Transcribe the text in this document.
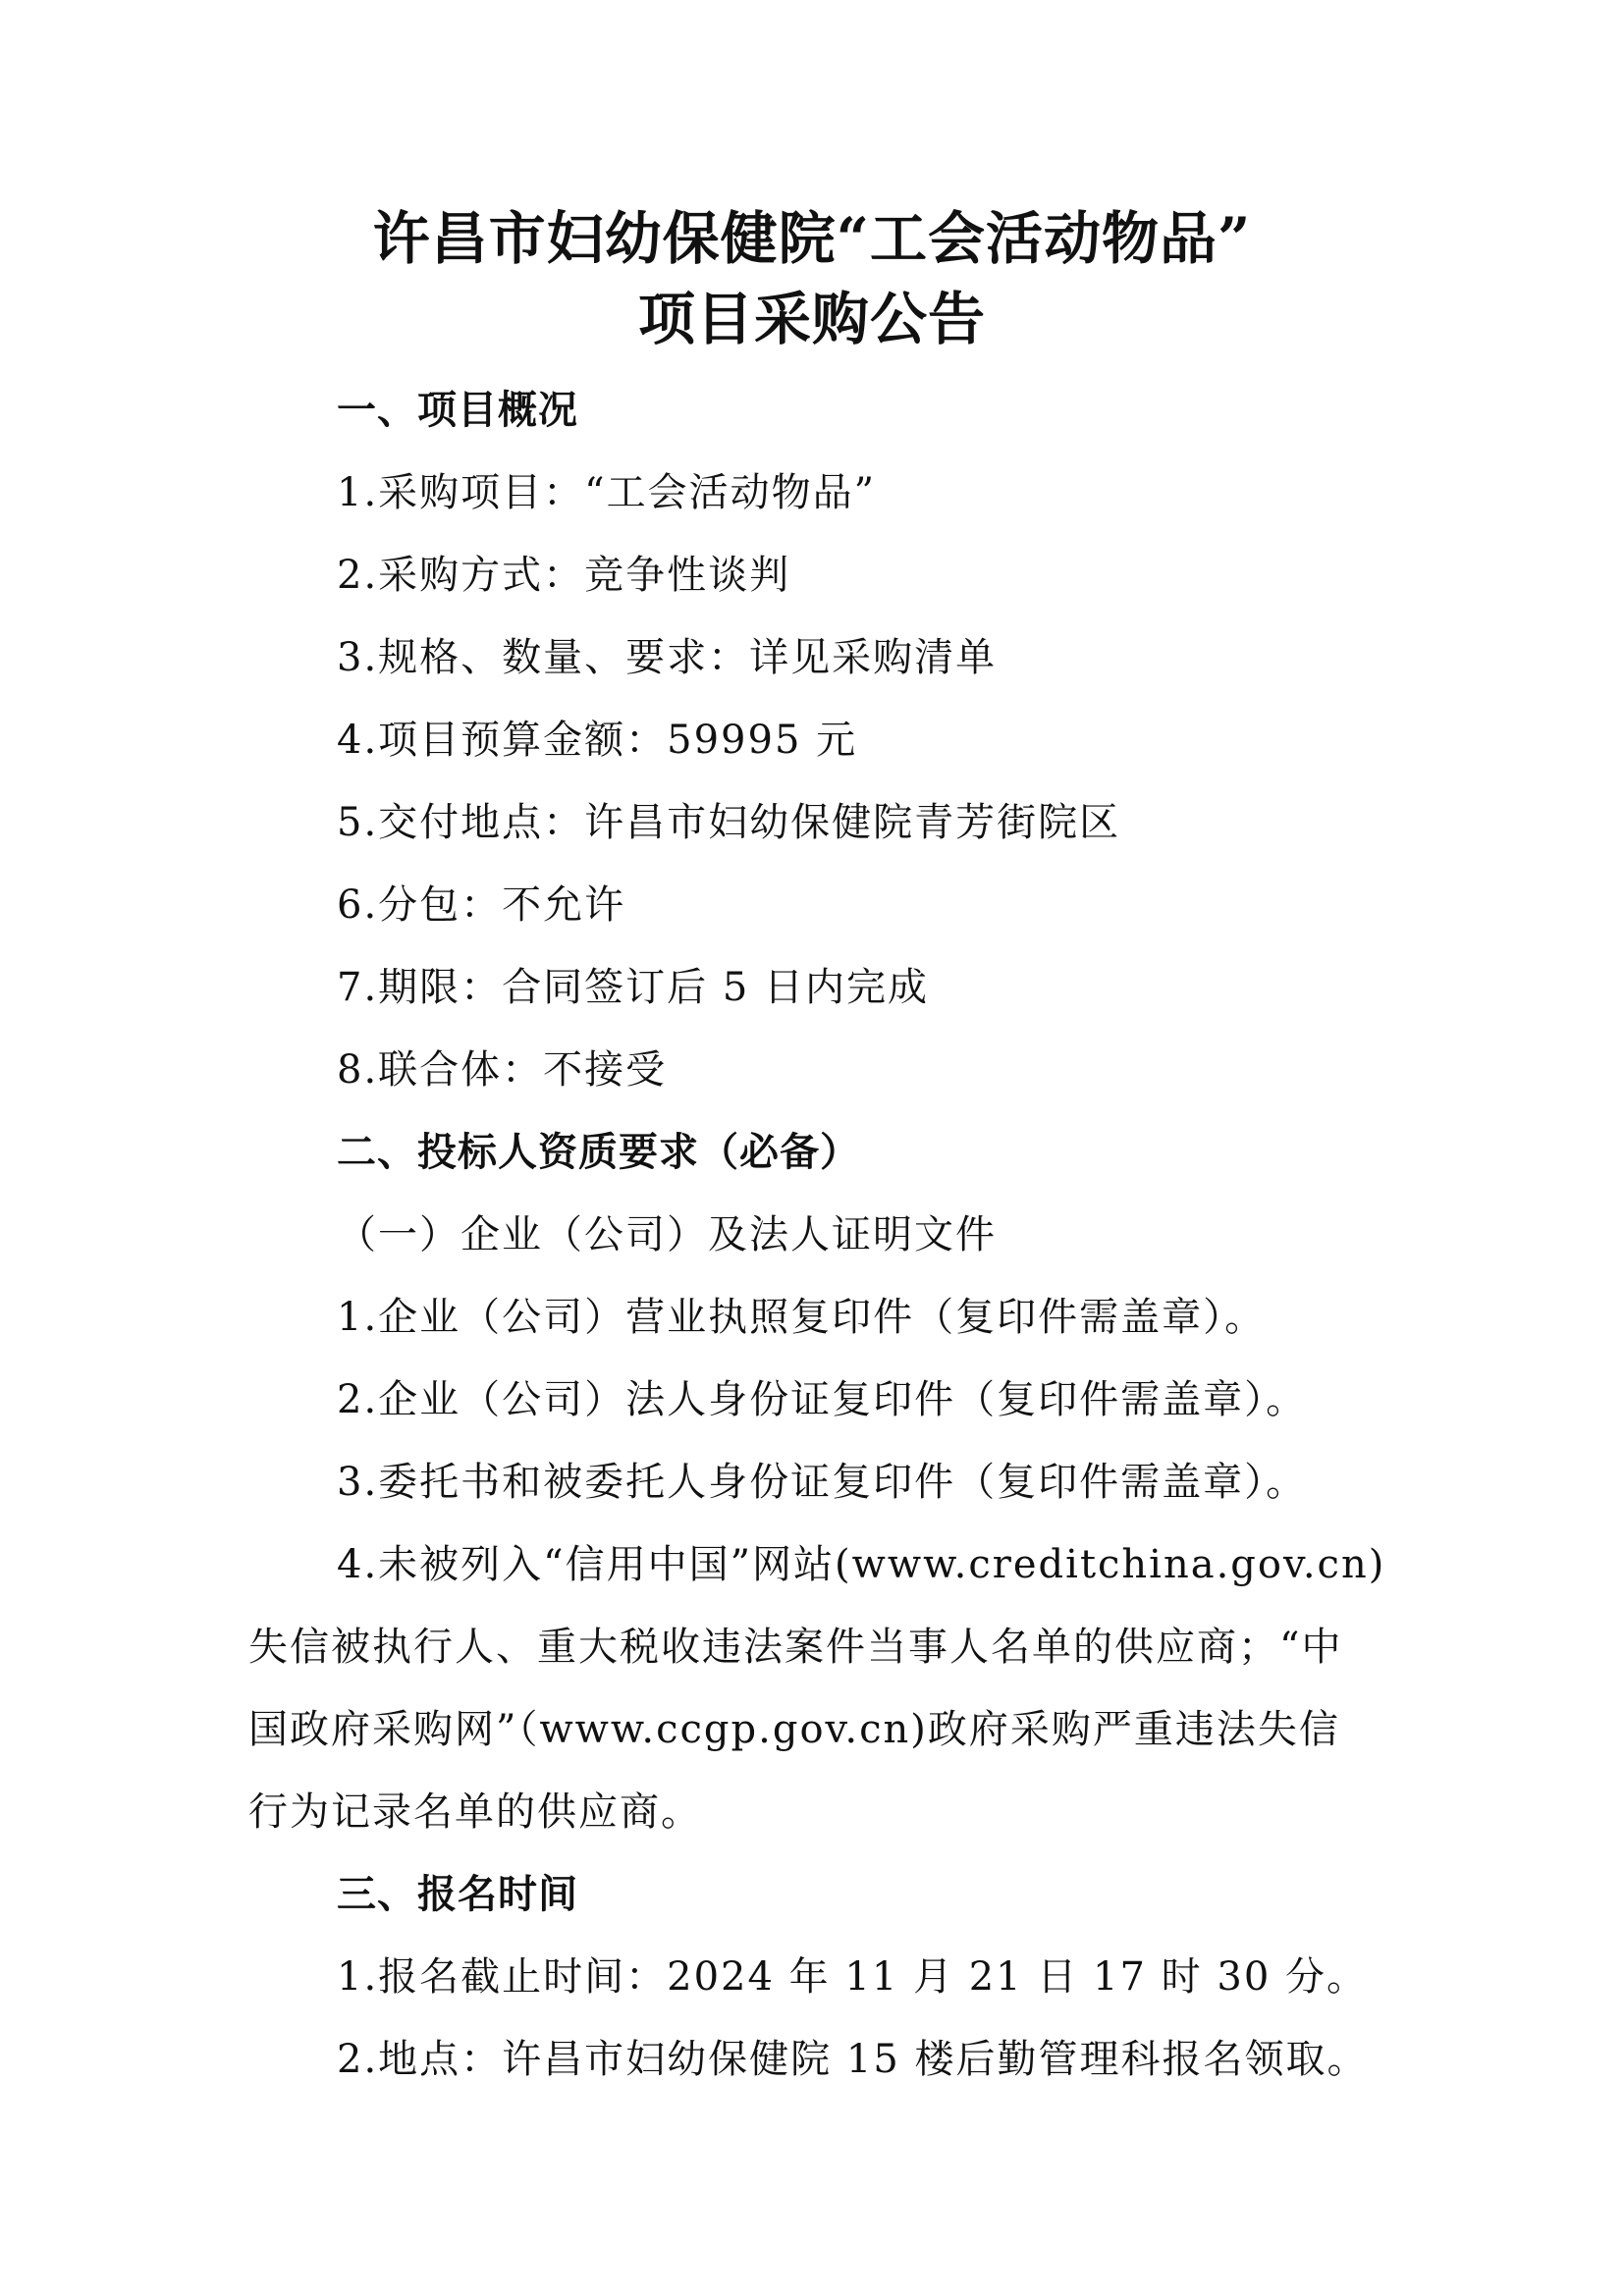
许昌市妇幼保健院“工会活动物品”
项目采购公告
一、项目概况
1.采购项目：“工会活动物品”
2.采购方式：竞争性谈判
3.规格、数量、要求：详见采购清单
4.项目预算金额：59995 元
5.交付地点：许昌市妇幼保健院青芳街院区
6.分包：不允许
7.期限：合同签订后 5 日内完成
8.联合体：不接受
二、投标人资质要求（必备）
（一）企业（公司）及法人证明文件
1.企业（公司）营业执照复印件（复印件需盖章）。
2.企业（公司）法人身份证复印件（复印件需盖章）。
3.委托书和被委托人身份证复印件（复印件需盖章）。
4.未被列入“信用中国”网站(www.creditchina.gov.cn)
失信被执行人、重大税收违法案件当事人名单的供应商；“中
国政府采购网”（www.ccgp.gov.cn)政府采购严重违法失信
行为记录名单的供应商。
三、报名时间
1.报名截止时间：2024 年 11 月 21 日 17 时 30 分。
2.地点：许昌市妇幼保健院 15 楼后勤管理科报名领取。
